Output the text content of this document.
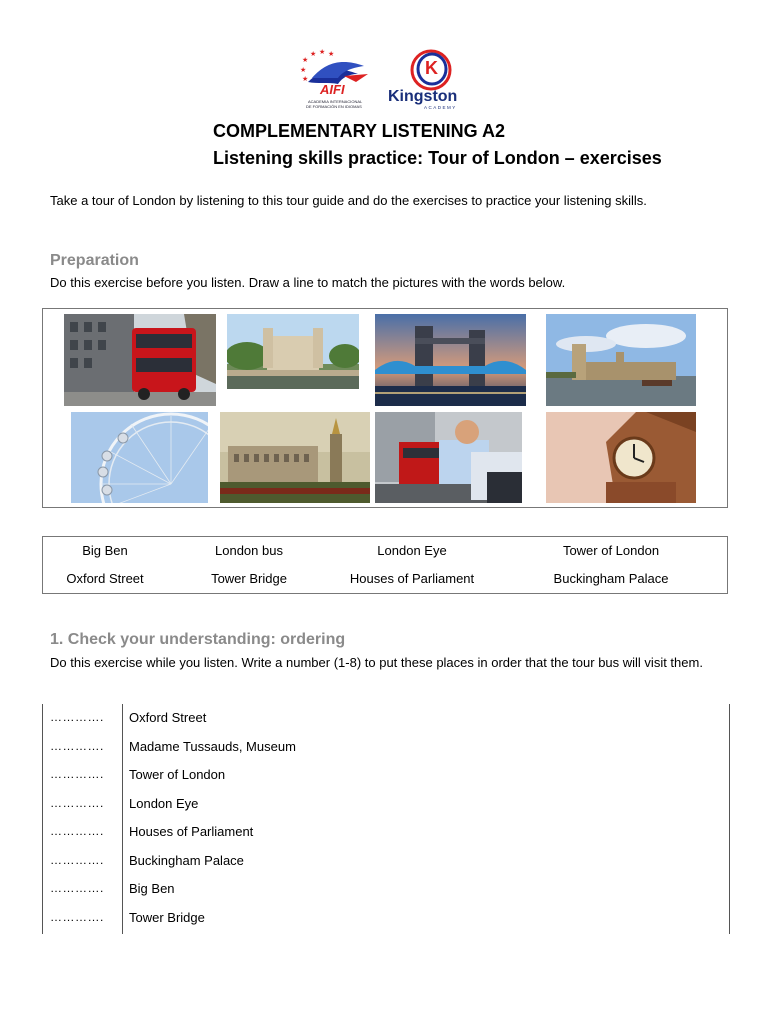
★
★ ★ ★
★
★
AIFI
ACADEMIA INTERNACIONAL
DE FORMACIÓN EN IDIOMAS
K
Kingston
ACADEMY
COMPLEMENTARY LISTENING A2
Listening skills practice: Tour of London – exercises
Take a tour of London by listening to this tour guide and do the exercises to practice your listening skills.
Preparation
Do this exercise before you listen. Draw a line to match the pictures with the words below.
Big Ben	London bus	London Eye	Tower of London
Oxford Street	Tower Bridge	Houses of Parliament	Buckingham Palace
1. Check your understanding: ordering
Do this exercise while you listen. Write a number (1-8) to put these places in order that the tour bus will visit them.
…………. Oxford Street
…………. Madame Tussauds, Museum
…………. Tower of London
…………. London Eye
…………. Houses of Parliament
…………. Buckingham Palace
…………. Big Ben
…………. Tower Bridge
